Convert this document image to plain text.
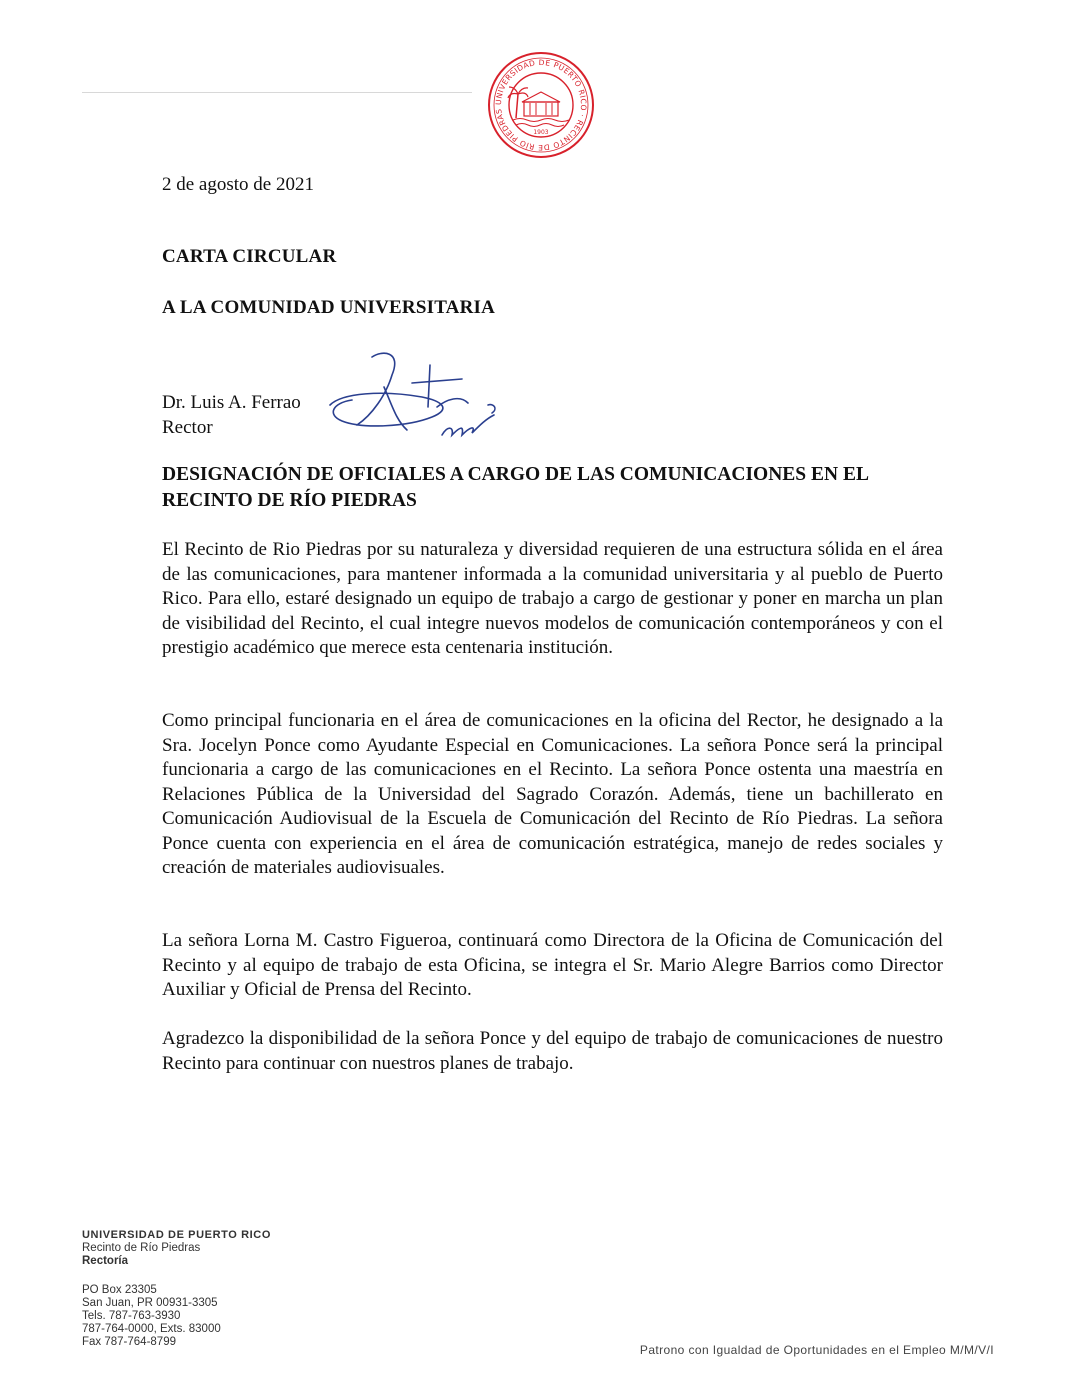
UNIVERSIDAD DE PUERTO RICO · RECINTO DE RÍO PIEDRAS
1903
2 de agosto de 2021
CARTA CIRCULAR
A LA COMUNIDAD UNIVERSITARIA
Dr. Luis A. Ferrao
Rector
DESIGNACIÓN DE OFICIALES A CARGO DE LAS COMUNICACIONES EN EL RECINTO DE RÍO PIEDRAS

El Recinto de Rio Piedras por su naturaleza y diversidad requieren de una estructura sólida en el área de las comunicaciones, para mantener informada a la comunidad universitaria y al pueblo de Puerto Rico. Para ello, estaré designado un equipo de trabajo a cargo de gestionar y poner en marcha un plan de visibilidad del Recinto, el cual integre nuevos modelos de comunicación contemporáneos y con el prestigio académico que merece esta centenaria institución.

Como principal funcionaria en el área de comunicaciones en la oficina del Rector, he designado a la Sra. Jocelyn Ponce como Ayudante Especial en Comunicaciones. La señora Ponce será la principal funcionaria a cargo de las comunicaciones en el Recinto. La señora Ponce ostenta una maestría en Relaciones Pública de la Universidad del Sagrado Corazón. Además, tiene un bachillerato en Comunicación Audiovisual de la Escuela de Comunicación del Recinto de Río Piedras. La señora Ponce cuenta con experiencia en el área de comunicación estratégica, manejo de redes sociales y creación de materiales audiovisuales.

La señora Lorna M. Castro Figueroa, continuará como Directora de la Oficina de Comunicación del Recinto y al equipo de trabajo de esta Oficina, se integra el Sr. Mario Alegre Barrios como Director Auxiliar y Oficial de Prensa del Recinto.

Agradezco la disponibilidad de la señora Ponce y del equipo de trabajo de comunicaciones de nuestro Recinto para continuar con nuestros planes de trabajo.

UNIVERSIDAD DE PUERTO RICO
Recinto de Río Piedras
Rectoría
PO Box 23305
San Juan, PR 00931-3305
Tels. 787-763-3930
787-764-0000, Exts. 83000
Fax 787-764-8799
Patrono con Igualdad de Oportunidades en el Empleo M/M/V/I
